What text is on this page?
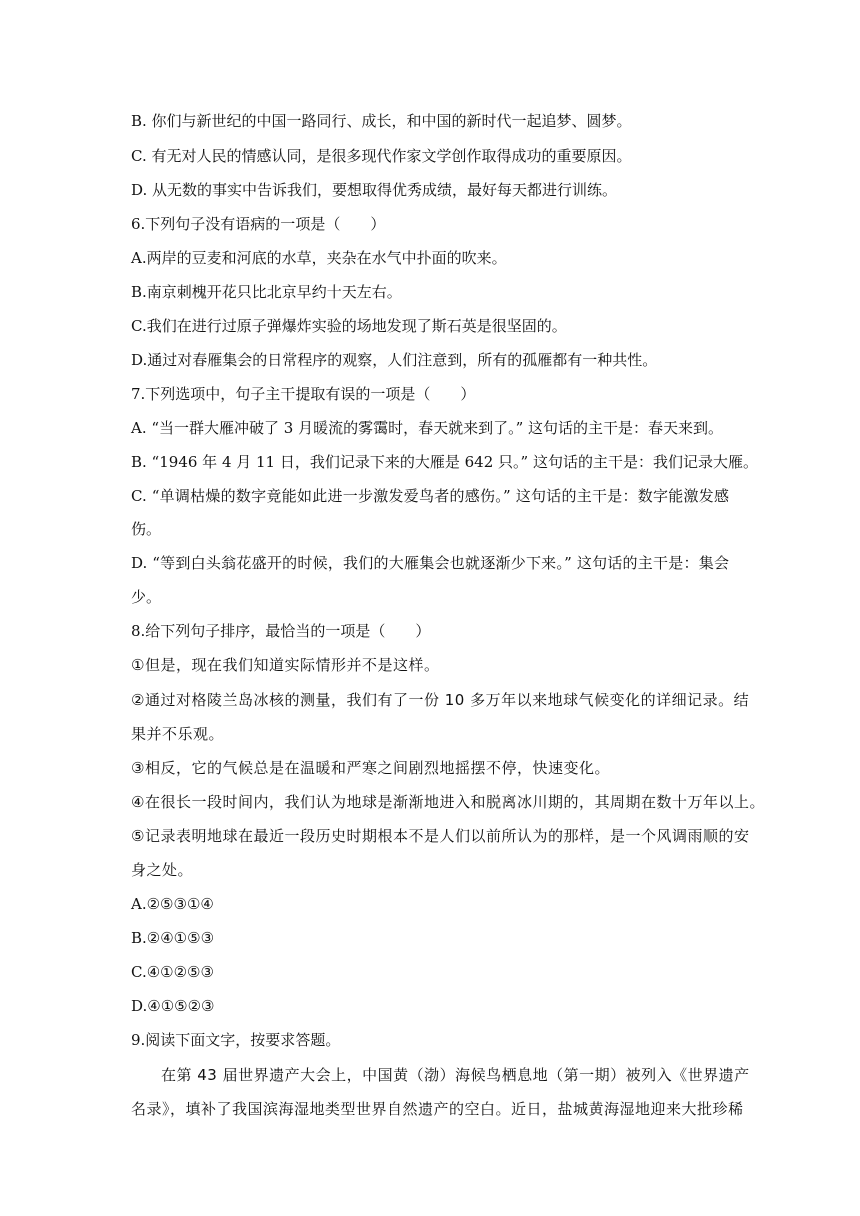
B. 你们与新世纪的中国一路同行、成长，和中国的新时代一起追梦、圆梦。
C. 有无对人民的情感认同，是很多现代作家文学创作取得成功的重要原因。
D. 从无数的事实中告诉我们，要想取得优秀成绩，最好每天都进行训练。
6.下列句子没有语病的一项是（　　）
A.两岸的豆麦和河底的水草，夹杂在水气中扑面的吹来。
B.南京刺槐开花只比北京早约十天左右。
C.我们在进行过原子弹爆炸实验的场地发现了斯石英是很坚固的。
D.通过对春雁集会的日常程序的观察，人们注意到，所有的孤雁都有一种共性。
7.下列选项中，句子主干提取有误的一项是（　　）
A. “当一群大雁冲破了 3 月暖流的雾霭时，春天就来到了。” 这句话的主干是：春天来到。
B. “1946 年 4 月 11 日，我们记录下来的大雁是 642 只。” 这句话的主干是：我们记录大雁。
C. “单调枯燥的数字竟能如此进一步激发爱鸟者的感伤。” 这句话的主干是：数字能激发感
伤。
D. “等到白头翁花盛开的时候，我们的大雁集会也就逐渐少下来。” 这句话的主干是：集会
少。
8.给下列句子排序，最恰当的一项是（　　）
①但是，现在我们知道实际情形并不是这样。
②通过对格陵兰岛冰核的测量，我们有了一份 10 多万年以来地球气候变化的详细记录。结
果并不乐观。
③相反，它的气候总是在温暖和严寒之间剧烈地摇摆不停，快速变化。
④在很长一段时间内，我们认为地球是渐渐地进入和脱离冰川期的，其周期在数十万年以上。
⑤记录表明地球在最近一段历史时期根本不是人们以前所认为的那样，是一个风调雨顺的安
身之处。
A.②⑤③①④
B.②④①⑤③
C.④①②⑤③
D.④①⑤②③
9.阅读下面文字，按要求答题。
在第 43 届世界遗产大会上，中国黄（渤）海候鸟栖息地（第一期）被列入《世界遗产
名录》，填补了我国滨海湿地类型世界自然遗产的空白。近日，盐城黄海湿地迎来大批珍稀
